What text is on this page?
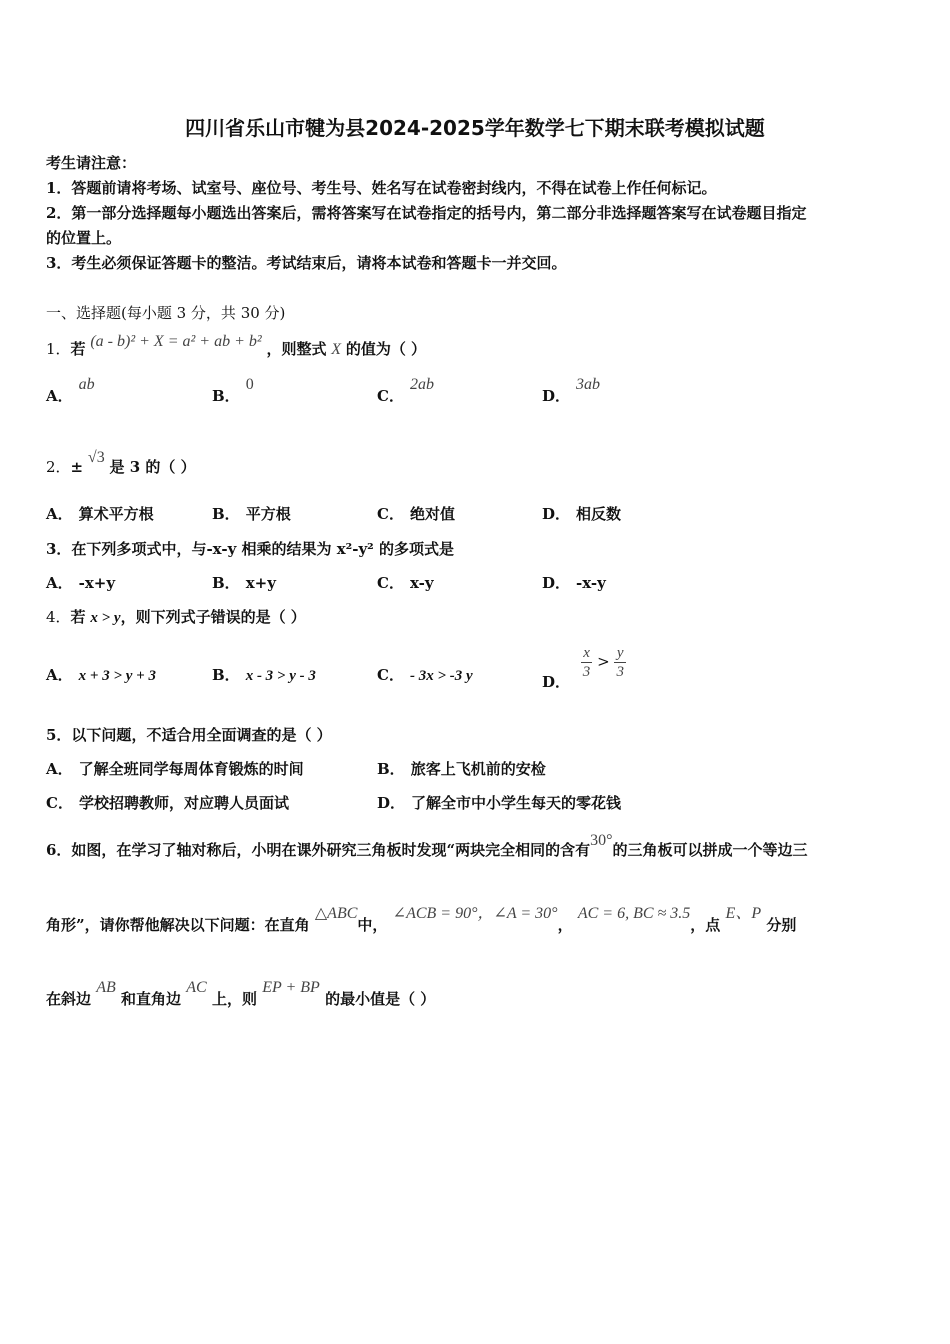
四川省乐山市犍为县2024-2025学年数学七下期末联考模拟试题
考生请注意：
1．答题前请将考场、试室号、座位号、考生号、姓名写在试卷密封线内，不得在试卷上作任何标记。
2．第一部分选择题每小题选出答案后，需将答案写在试卷指定的括号内，第二部分非选择题答案写在试卷题目指定
的位置上。
3．考生必须保证答题卡的整洁。考试结束后，请将本试卷和答题卡一并交回。
一、选择题(每小题 3 分，共 30 分)
1．若 (a - b)² + X = a² + ab + b² ，则整式 X 的值为（ ）
A．ab
B．0
C．2ab
D．3ab
2．± √3 是 3 的（ ）
A． 算术平方根	B． 平方根	C． 绝对值	D． 相反数
3．在下列多项式中，与-x-y 相乘的结果为 x²-y² 的多项式是
A． -x+y	B． x+y	C． x-y	D． -x-y
4．若 x > y，则下列式子错误的是（ ）
A． x + 3 > y + 3	B． x - 3 > y - 3	C． - 3x > -3 y	D．
$\frac{x}{3} > \frac{y}{3}$
5．以下问题，不适合用全面调查的是（ ）
A． 了解全班同学每周体育锻炼的时间	B． 旅客上飞机前的安检
C． 学校招聘教师，对应聘人员面试	D． 了解全市中小学生每天的零花钱
6．如图，在学习了轴对称后，小明在课外研究三角板时发现“两块完全相同的含有30°的三角板可以拼成一个等边三
角形”，请你帮他解决以下问题：在直角 △ABC中， ∠ACB = 90°，∠A = 30°， AC = 6, BC ≈ 3.5，点 E、P 分别
在斜边 AB 和直角边 AC 上，则 EP + BP 的最小值是（ ）
